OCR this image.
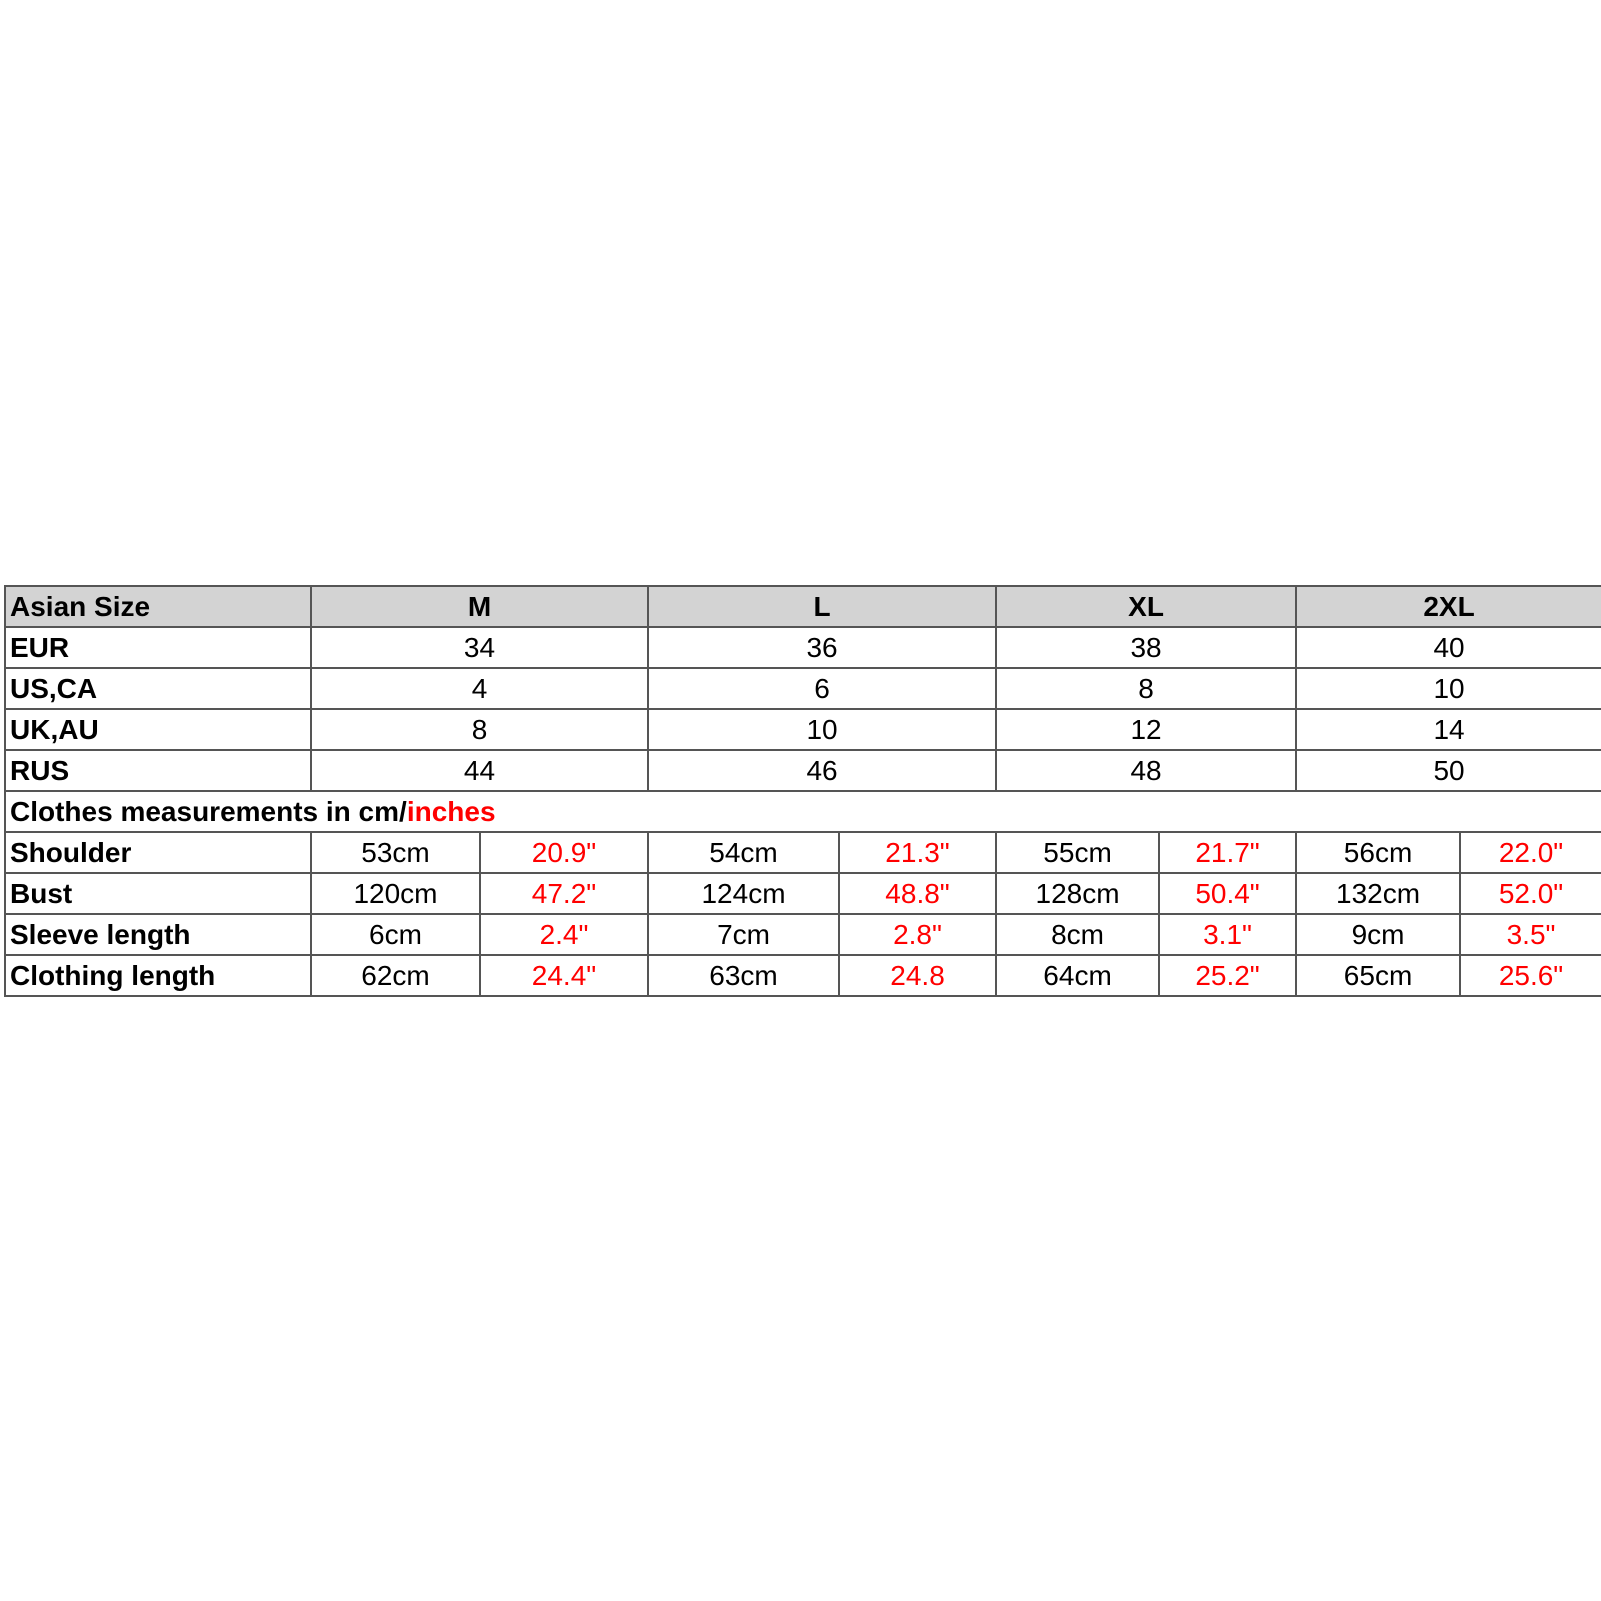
Asian Size	M		L		XL		2XL	
EUR	34		36		38		40	
US,CA	4		6		8		10	
UK,AU	8		10		12		14	
RUS	44		46		48		50	
Clothes measurements in cm/inches								
Shoulder	53cm	20.9"	54cm	21.3"	55cm	21.7"	56cm	22.0"
Bust	120cm	47.2"	124cm	48.8"	128cm	50.4"	132cm	52.0"
Sleeve length	6cm	2.4"	7cm	2.8"	8cm	3.1"	9cm	3.5"
Clothing length	62cm	24.4"	63cm	24.8	64cm	25.2"	65cm	25.6"
